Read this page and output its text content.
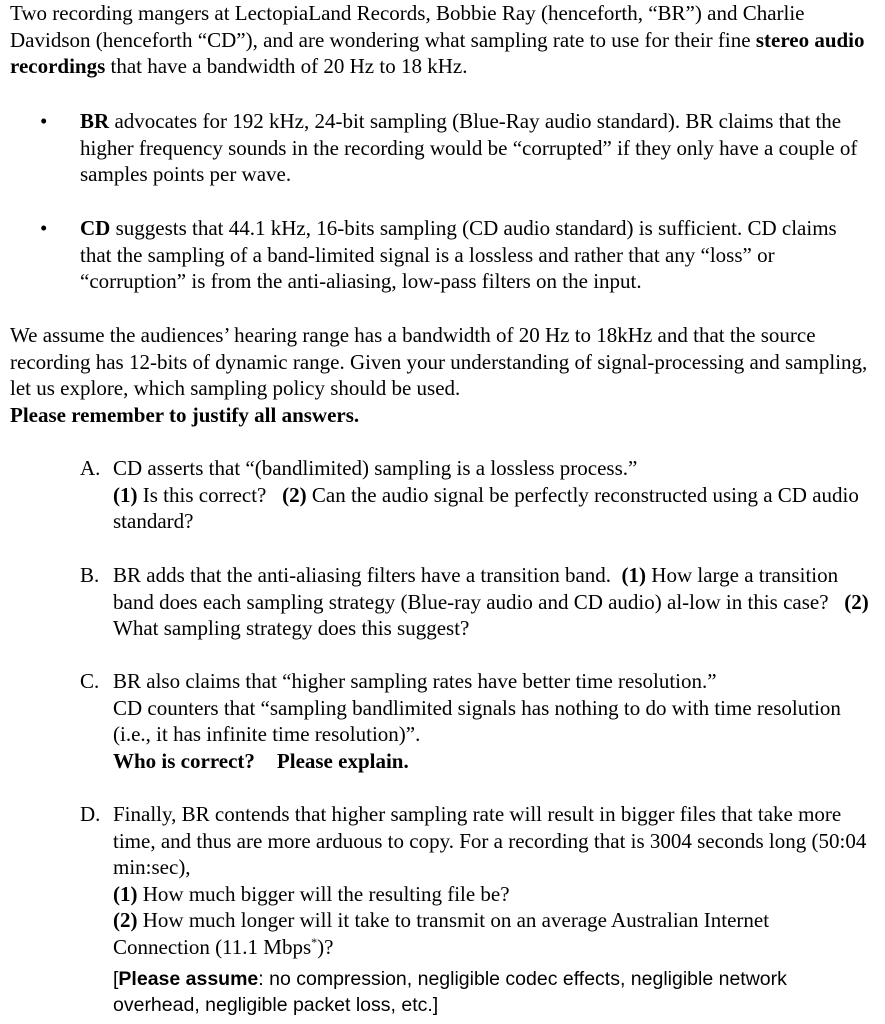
Two recording mangers at LectopiaLand Records, Bobbie Ray (henceforth, “BR”) and Charlie Davidson (henceforth “CD”), and are wondering what sampling rate to use for their fine stereo audio recordings that have a bandwidth of 20 Hz to 18 kHz.

• BR advocates for 192 kHz, 24-bit sampling (Blue-Ray audio standard). BR claims that the higher frequency sounds in the recording would be “corrupted” if they only have a couple of samples points per wave.

• CD suggests that 44.1 kHz, 16-bits sampling (CD audio standard) is sufficient. CD claims that the sampling of a band-limited signal is a lossless and rather that any “loss” or “corruption” is from the anti-aliasing, low-pass filters on the input.

We assume the audiences’ hearing range has a bandwidth of 20 Hz to 18kHz and that the source recording has 12-bits of dynamic range. Given your understanding of signal-processing and sampling, let us explore, which sampling policy should be used.

Please remember to justify all answers.

A. CD asserts that “(bandlimited) sampling is a lossless process.”

(1) Is this correct?   (2) Can the audio signal be perfectly reconstructed using a CD audio standard?

B. BR adds that the anti-aliasing filters have a transition band.  (1) How large a transition band does each sampling strategy (Blue-ray audio and CD audio) al-low in this case?   (2) What sampling strategy does this suggest?

C. BR also claims that “higher sampling rates have better time resolution.”

CD counters that “sampling bandlimited signals has nothing to do with time resolution (i.e., it has infinite time resolution)”.

Who is correct? Please explain.

D. Finally, BR contends that higher sampling rate will result in bigger files that take more time, and thus are more arduous to copy. For a recording that is 3004 seconds long (50:04 min:sec),

(1) How much bigger will the resulting file be?

(2) How much longer will it take to transmit on an average Australian Internet Connection (11.1 Mbps*)?

[Please assume: no compression, negligible codec effects, negligible network overhead, negligible packet loss, etc.]
